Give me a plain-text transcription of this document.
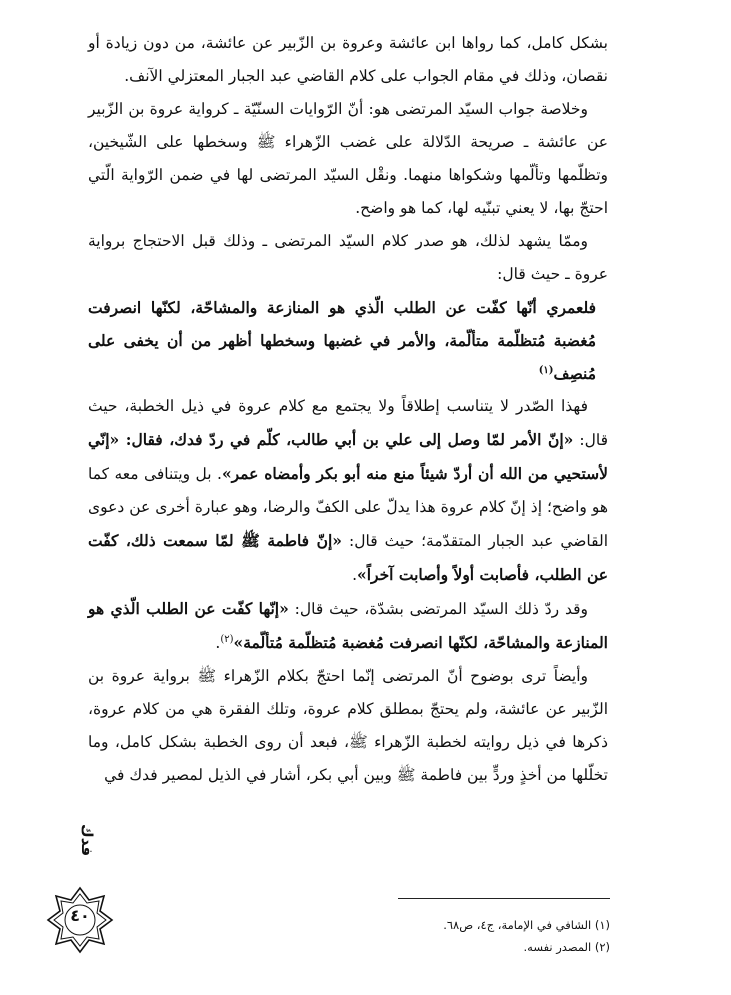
بشكل كامل، كما رواها ابن عائشة وعروة بن الزّبير عن عائشة، من دون زيادة أو نقصان، وذلك في مقام الجواب على كلام القاضي عبد الجبار المعتزلي الآنف.

وخلاصة جواب السيّد المرتضى هو: أنّ الرّوايات السنّيّة ـ كرواية عروة بن الزّبير عن عائشة ـ صريحة الدّلالة على غضب الزّهراء ﷺ وسخطها على الشّيخين، وتظلّمها وتألّمها وشكواها منهما. ونقْل السيّد المرتضى لها في ضمن الرّواية الّتي احتجّ بها، لا يعني تبنّيه لها، كما هو واضح.

وممّا يشهد لذلك، هو صدر كلام السيّد المرتضى ـ وذلك قبل الاحتجاج برواية عروة ـ حيث قال:

فلعمري أنّها كفّت عن الطلب الّذي هو المنازعة والمشاحّة، لكنّها انصرفت مُغضبة مُتظلّمة متألّمة، والأمر في غضبها وسخطها أظهر من أن يخفى على مُنصِف$^{(١)}$

فهذا الصّدر لا يتناسب إطلاقاً ولا يجتمع مع كلام عروة في ذيل الخطبة، حيث قال: «إنّ الأمر لمّا وصل إلى علي بن أبي طالب، كلّم في ردّ فدك، فقال: «إنّي لأستحيي من الله أن أردّ شيئاً منع منه أبو بكر وأمضاه عمر». بل ويتنافى معه كما هو واضح؛ إذ إنّ كلام عروة هذا يدلّ على الكفّ والرضا، وهو عبارة أخرى عن دعوى القاضي عبد الجبار المتقدّمة؛ حيث قال: «إنّ فاطمة ﷺ لمّا سمعت ذلك، كفّت عن الطلب، فأصابت أولاً وأصابت آخراً».

وقد ردّ ذلك السيّد المرتضى بشدّة، حيث قال: «إنّها كفّت عن الطلب الّذي هو المنازعة والمشاحّة، لكنّها انصرفت مُغضبة مُتظلّمة مُتألّمة»$^{(٢)}$.

وأيضاً ترى بوضوح أنّ المرتضى إنّما احتجّ بكلام الزّهراء ﷺ برواية عروة بن الزّبير عن عائشة، ولم يحتجّ بمطلق كلام عروة، وتلك الفقرة هي من كلام عروة، ذكرها في ذيل روايته لخطبة الزّهراء ﷺ، فبعد أن روى الخطبة بشكل كامل، وما تخلّلها من أخذٍ وردٍّ بين فاطمة ﷺ وبين أبي بكر، أشار في الذيل لمصير فدك في

فدك
(١) الشافي في الإمامة، ج٤، ص٦٨.
(٢) المصدر نفسه.
٤٠
